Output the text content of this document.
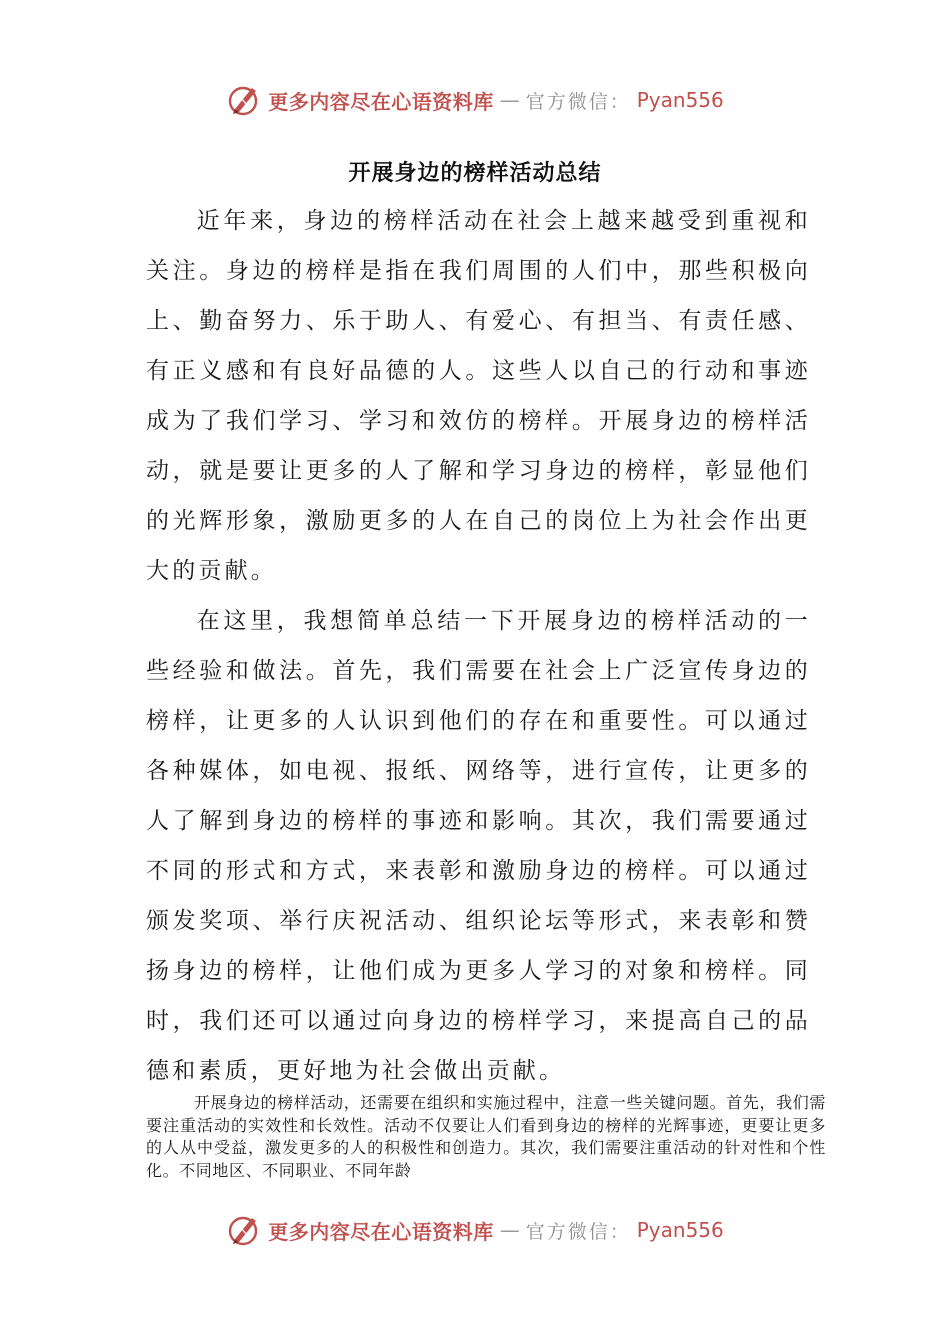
更多内容尽在心语资料库 — 官方微信： Pyan556
开展身边的榜样活动总结

近年来，身边的榜样活动在社会上越来越受到重视和关注。身边的榜样是指在我们周围的人们中，那些积极向上、勤奋努力、乐于助人、有爱心、有担当、有责任感、有正义感和有良好品德的人。这些人以自己的行动和事迹成为了我们学习、学习和效仿的榜样。开展身边的榜样活动，就是要让更多的人了解和学习身边的榜样，彰显他们的光辉形象，激励更多的人在自己的岗位上为社会作出更大的贡献。

在这里，我想简单总结一下开展身边的榜样活动的一些经验和做法。首先，我们需要在社会上广泛宣传身边的榜样，让更多的人认识到他们的存在和重要性。可以通过各种媒体，如电视、报纸、网络等，进行宣传，让更多的人了解到身边的榜样的事迹和影响。其次，我们需要通过不同的形式和方式，来表彰和激励身边的榜样。可以通过颁发奖项、举行庆祝活动、组织论坛等形式，来表彰和赞扬身边的榜样，让他们成为更多人学习的对象和榜样。同时，我们还可以通过向身边的榜样学习，来提高自己的品德和素质，更好地为社会做出贡献。

开展身边的榜样活动，还需要在组织和实施过程中，注意一些关键问题。首先，我们需要注重活动的实效性和长效性。活动不仅要让人们看到身边的榜样的光辉事迹，更要让更多的人从中受益，激发更多的人的积极性和创造力。其次，我们需要注重活动的针对性和个性化。不同地区、不同职业、不同年龄

更多内容尽在心语资料库 — 官方微信： Pyan556
